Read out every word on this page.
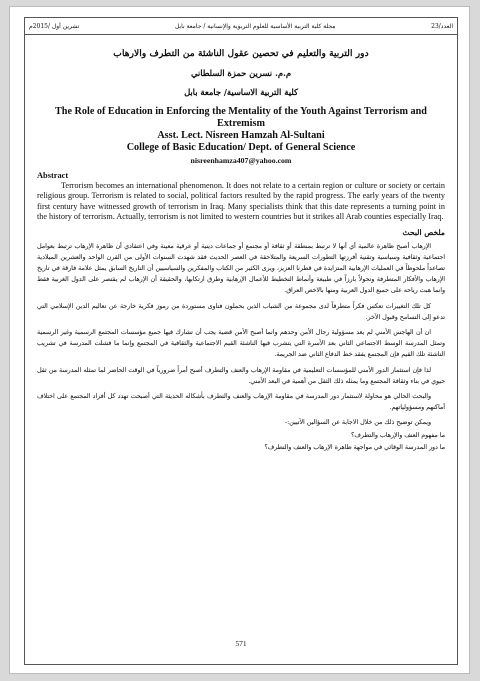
العدد/23
مجلة كلية التربية الأساسية للعلوم التربوية والإنسانية / جامعة بابل
تشرين أول /2015م
دور التربية والتعليم في تحصين عقول الناشئة من التطرف والارهاب
م.م. نسرين حمزة السلطاني
كلية التربية الاساسية/ جامعة بابل
The Role of Education in Enforcing the Mentality of the Youth Against Terrorism and Extremism
Asst. Lect. Nisreen Hamzah Al-Sultani
College of Basic Education/ Dept. of General Science
nisreenhamza407@yahoo.com
Abstract

Terrorism becomes an international phenomenon. It does not relate to a certain region or culture or society or certain religious group. Terrorism is related to social, political factors resulted by the rapid progress. The early years of the twenty first century have witnessed growth of terrorism in Iraq. Many specialists think that this date represents a turning point in the history of terrorism. Actually, terrorism is not limited to western countries but it strikes all Arab counties especially Iraq.

ملخص البحث

الإرهاب أصبح ظاهرة عالمية أي أنها لا ترتبط بمنطقة أو ثقافة أو مجتمع أو جماعات دينية أو عرقية معينة وفي اعتقادي أن ظاهرة الإرهاب ترتبط بعوامل اجتماعية وثقافية وسياسية وتقنية أفرزتها التطورات السريعة والمتلاحقة في العصر الحديث فقد شهدت السنوات الأولى من القرن الواحد والعشرين الميلادية تصاعداً ملحوظاً في العمليات الإرهابية المتزايدة في قطرنا العزيز، ويرى الكثير من الكتاب والمفكرين والسياسيين أن التاريخ السابق يمثل علامة فارقة في تاريخ الإرهاب والأفكار المتطرفة وتحولاً بارزاً في طبيعة وأنماط التخطيط للأعمال الإرهابية وطرق ارتكابها، والحقيقة أن الإرهاب لم يقتصر على الدول الغربية فقط وانما هبت رياحه على جميع الدول العربية ومنها بالاخص العراق.

كل تلك التغييرات تعكس فكراً متطرفاً لدى مجموعة من الشباب الذين يحملون فتاوى مستوردة من رموز فكرية خارجة عن تعاليم الدين الإسلامي التي تدعو إلى التسامح وقبول الآخر.

ان أن الهاجس الأمني لم يعد مسؤولية رجال الأمن وحدهم وانما أصبح الأمن قضية يجب أن تشارك فيها جميع مؤسسات المجتمع الرسمية وغير الرسمية وتمثل المدرسة الوسط الاجتماعي الثاني بعد الأسرة التي يتشرب فيها الناشئة القيم الاجتماعية والثقافية في المجتمع وإنما ما فشلت المدرسة في تشريب الناشئة تلك القيم فإن المجتمع يفقد خط الدفاع الثاني ضد الجريمة.

لذا فإن استثمار الدور الأمني للمؤسسات التعليمية في مقاومة الإرهاب والعنف والتطرف أصبح أمراً ضرورياً في الوقت الحاضر لما تمثله المدرسة من ثقل حيوي في بناء وثقافة المجتمع وما يمثله ذلك الثقل من أهمية في البعد الأمني.

والبحث الحالي هو محاولة لاستثمار دور المدرسة في مقاومة الإرهاب والعنف والتطرف بأشكاله الحديثة التي أصبحت تهدد كل أفراد المجتمع على اختلاف أماكنهم ومسؤولياتهم.

ويمكن توضيح ذلك من خلال الاجابة عن السؤالين الآتيين:-

ما مفهوم العنف والإرهاب والتطرف؟

ما دور المدرسة الوقائي في مواجهة ظاهرة الإرهاب والعنف والتطرف؟

571
